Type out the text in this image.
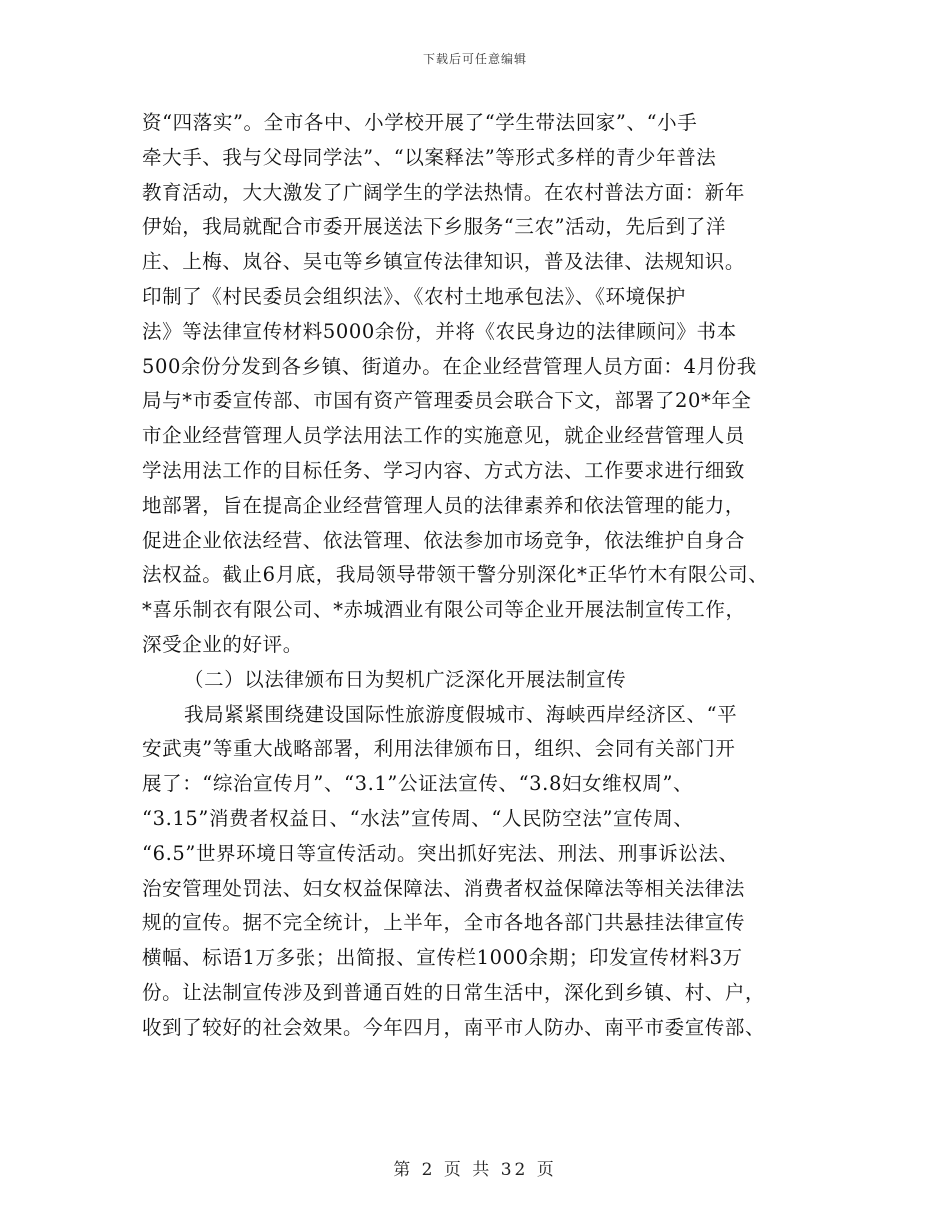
下载后可任意编辑
资“四落实”。全市各中、小学校开展了“学生带法回家”、“小手
牵大手、我与父母同学法”、“以案释法”等形式多样的青少年普法
教育活动，大大激发了广阔学生的学法热情。在农村普法方面：新年
伊始，我局就配合市委开展送法下乡服务“三农”活动，先后到了洋
庄、上梅、岚谷、吴屯等乡镇宣传法律知识，普及法律、法规知识。
印制了《村民委员会组织法》、《农村土地承包法》、《环境保护
法》等法律宣传材料5000余份，并将《农民身边的法律顾问》书本
500余份分发到各乡镇、街道办。在企业经营管理人员方面：4月份我
局与*市委宣传部、市国有资产管理委员会联合下文，部署了20*年全
市企业经营管理人员学法用法工作的实施意见，就企业经营管理人员
学法用法工作的目标任务、学习内容、方式方法、工作要求进行细致
地部署，旨在提高企业经营管理人员的法律素养和依法管理的能力，
促进企业依法经营、依法管理、依法参加市场竞争，依法维护自身合
法权益。截止6月底，我局领导带领干警分别深化*正华竹木有限公司、
*喜乐制衣有限公司、*赤城酒业有限公司等企业开展法制宣传工作，
深受企业的好评。
（二）以法律颁布日为契机广泛深化开展法制宣传
我局紧紧围绕建设国际性旅游度假城市、海峡西岸经济区、“平
安武夷”等重大战略部署，利用法律颁布日，组织、会同有关部门开
展了：“综治宣传月”、“3.1”公证法宣传、“3.8妇女维权周”、
“3.15”消费者权益日、“水法”宣传周、“人民防空法”宣传周、
“6.5”世界环境日等宣传活动。突出抓好宪法、刑法、刑事诉讼法、
治安管理处罚法、妇女权益保障法、消费者权益保障法等相关法律法
规的宣传。据不完全统计，上半年，全市各地各部门共悬挂法律宣传
横幅、标语1万多张；出简报、宣传栏1000余期；印发宣传材料3万
份。让法制宣传涉及到普通百姓的日常生活中，深化到乡镇、村、户，
收到了较好的社会效果。今年四月，南平市人防办、南平市委宣传部、
第 2 页 共 32 页
